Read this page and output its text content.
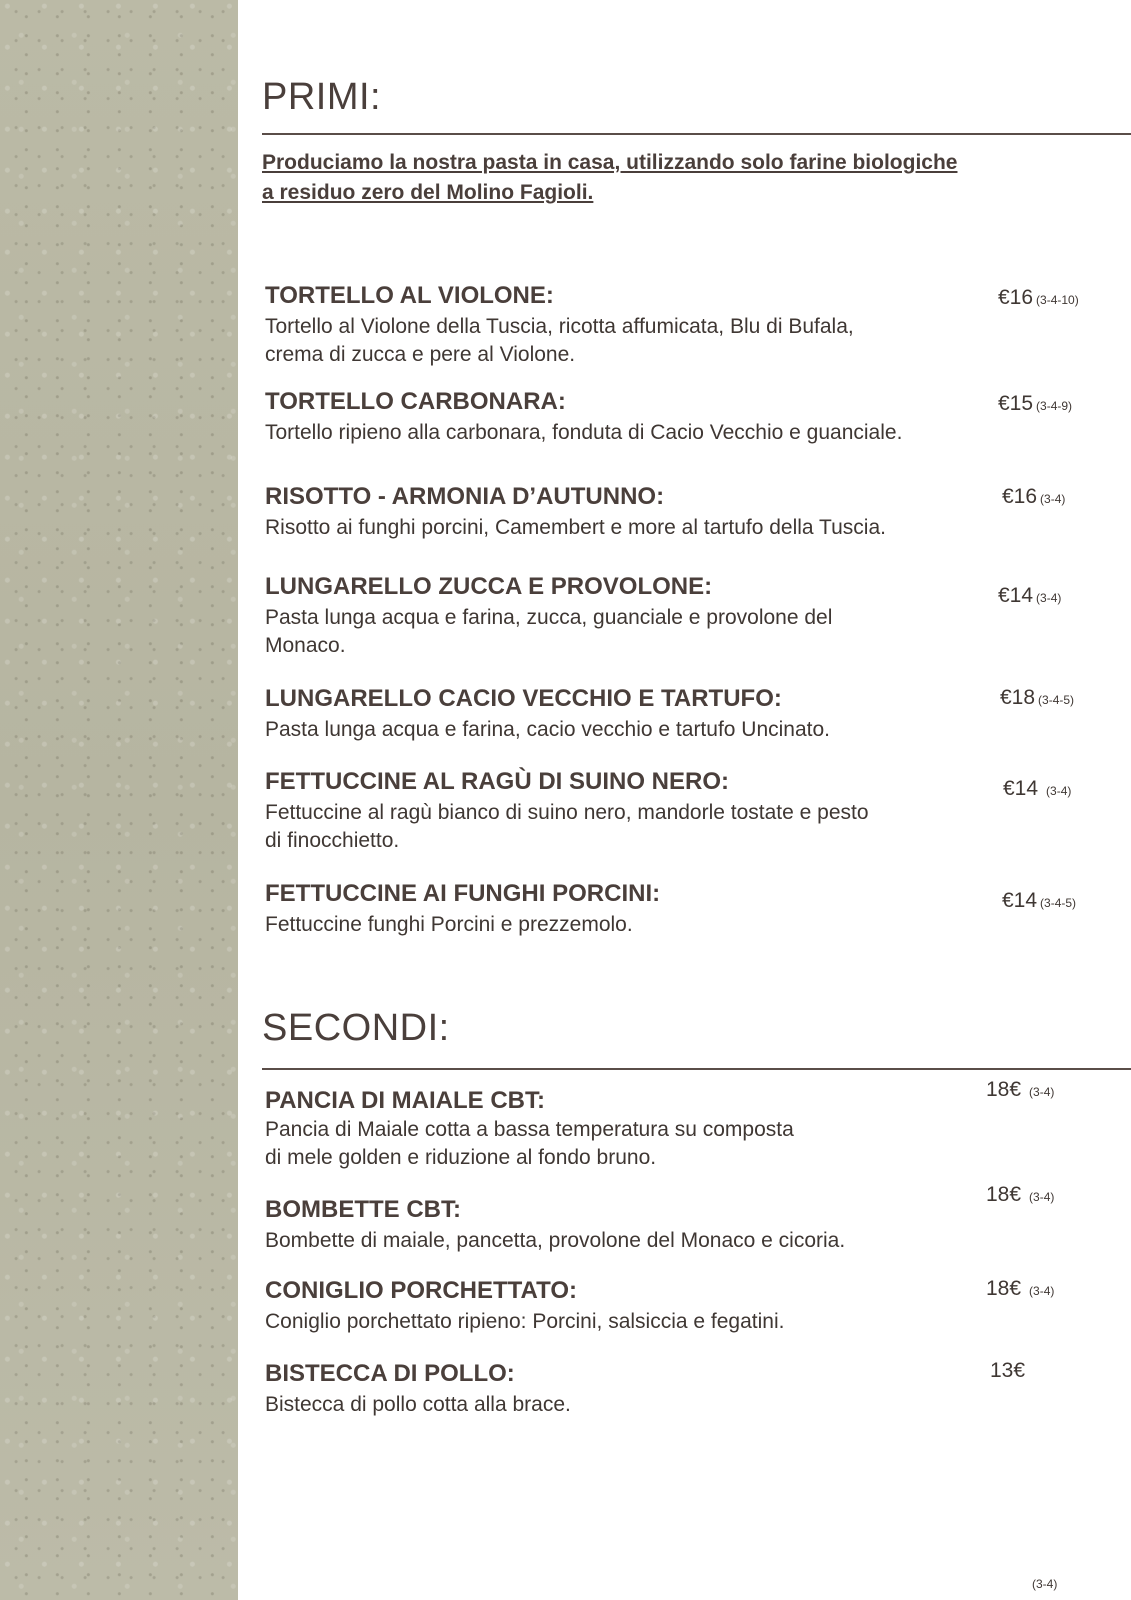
PRIMI:

Produciamo la nostra pasta in casa, utilizzando solo farine biologiche a residuo zero del Molino Fagioli.

TORTELLO AL VIOLONE:
Tortello al Violone della Tuscia, ricotta affumicata, Blu di Bufala,
crema di zucca e pere al Violone.
€16 (3-4-10)
TORTELLO CARBONARA:
Tortello ripieno alla carbonara, fonduta di Cacio Vecchio e guanciale.
€15 (3-4-9)
RISOTTO - ARMONIA D’AUTUNNO:
Risotto ai funghi porcini, Camembert e more al tartufo della Tuscia.
€16 (3-4)
LUNGARELLO ZUCCA E PROVOLONE:
Pasta lunga acqua e farina, zucca, guanciale e provolone del
Monaco.
€14 (3-4)
LUNGARELLO CACIO VECCHIO E TARTUFO:
Pasta lunga acqua e farina, cacio vecchio e tartufo Uncinato.
€18 (3-4-5)
FETTUCCINE AL RAGÙ DI SUINO NERO:
Fettuccine al ragù bianco di suino nero, mandorle tostate e pesto
di finocchietto.
€14 (3-4)
FETTUCCINE AI FUNGHI PORCINI:
Fettuccine funghi Porcini e prezzemolo.
€14 (3-4-5)
SECONDI:
PANCIA DI MAIALE CBT:
Pancia di Maiale cotta a bassa temperatura su composta
di mele golden e riduzione al fondo bruno.
18€ (3-4)
BOMBETTE CBT:
Bombette di maiale, pancetta, provolone del Monaco e cicoria.
18€ (3-4)
CONIGLIO PORCHETTATO:
Coniglio porchettato ripieno: Porcini, salsiccia e fegatini.
18€ (3-4)
BISTECCA DI POLLO:
Bistecca di pollo cotta alla brace.
13€
(3-4)
